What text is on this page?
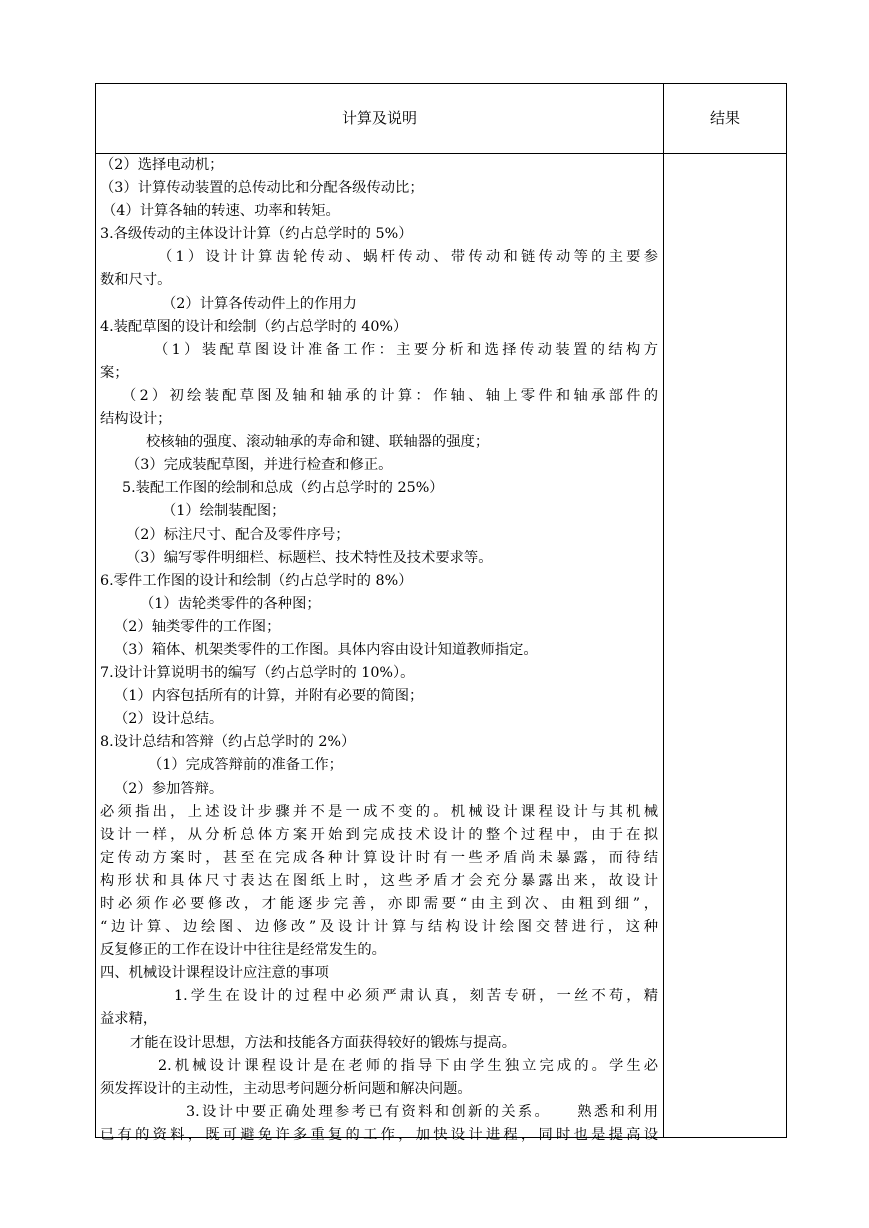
计算及说明	结果
（2）选择电动机；
（3）计算传动装置的总传动比和分配各级传动比；
（4）计算各轴的转速、功率和转矩。
3.各级传动的主体设计计算（约占总学时的 5%）
（1）设计计算齿轮传动、蜗杆传动、带传动和链传动等的主要参
数和尺寸。
（2）计算各传动件上的作用力
4.装配草图的设计和绘制（约占总学时的 40%）
（1）装配草图设计准备工作：主要分析和选择传动装置的结构方
案；
（2）初绘装配草图及轴和轴承的计算：作轴、轴上零件和轴承部件的
结构设计；
校核轴的强度、滚动轴承的寿命和键、联轴器的强度；
（3）完成装配草图，并进行检查和修正。
5.装配工作图的绘制和总成（约占总学时的 25%）
（1）绘制装配图；
（2）标注尺寸、配合及零件序号；
（3）编写零件明细栏、标题栏、技术特性及技术要求等。
6.零件工作图的设计和绘制（约占总学时的 8%）
（1）齿轮类零件的各种图；
（2）轴类零件的工作图；
（3）箱体、机架类零件的工作图。具体内容由设计知道教师指定。
7.设计计算说明书的编写（约占总学时的 10%）。
（1）内容包括所有的计算，并附有必要的简图；
（2）设计总结。
8.设计总结和答辩（约占总学时的 2%）
（1）完成答辩前的准备工作；
（2）参加答辩。
必须指出，上述设计步骤并不是一成不变的。机械设计课程设计与其机械
设计一样，从分析总体方案开始到完成技术设计的整个过程中，由于在拟
定传动方案时，甚至在完成各种计算设计时有一些矛盾尚未暴露，而待结
构形状和具体尺寸表达在图纸上时，这些矛盾才会充分暴露出来，故设计
时必须作必要修改，才能逐步完善，亦即需要“由主到次、由粗到细”，
“边计算、边绘图、边修改”及设计计算与结构设计绘图交替进行，这种
反复修正的工作在设计中往往是经常发生的。
四、机械设计课程设计应注意的事项
1.学生在设计的过程中必须严肃认真，刻苦专研，一丝不苟，精
益求精，
才能在设计思想，方法和技能各方面获得较好的锻炼与提高。
2.机械设计课程设计是在老师的指导下由学生独立完成的。学生必
须发挥设计的主动性，主动思考问题分析问题和解决问题。
3.设计中要正确处理参考已有资料和创新的关系。　　熟悉和利用
已有的资料，既可避免许多重复的工作，加快设计进程，同时也是提高设
